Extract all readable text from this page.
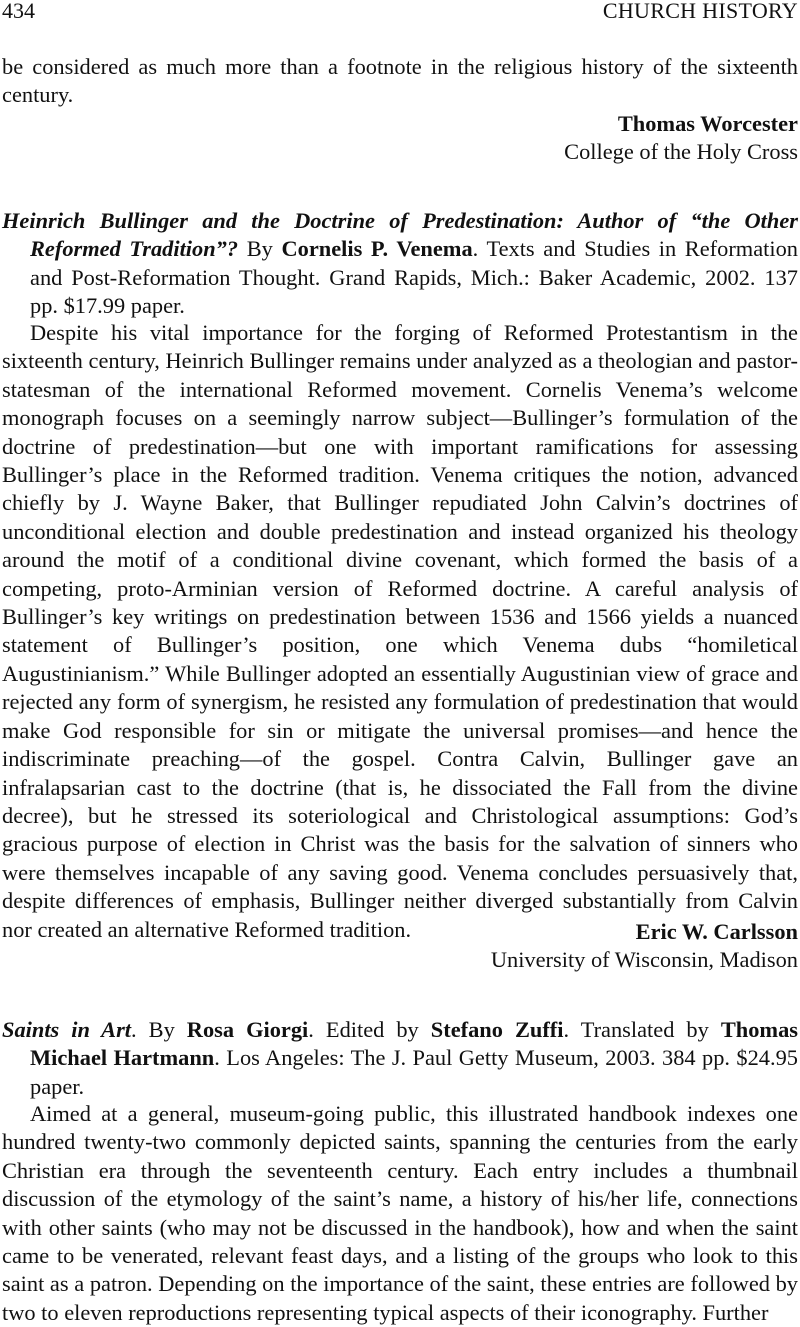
434	CHURCH HISTORY

be considered as much more than a footnote in the religious history of the sixteenth century.

Thomas Worcester
College of the Holy Cross
Heinrich Bullinger and the Doctrine of Predestination: Author of “the Other Reformed Tradition”? By Cornelis P. Venema. Texts and Studies in Reformation and Post-Reformation Thought. Grand Rapids, Mich.: Baker Academic, 2002. 137 pp. $17.99 paper.

Despite his vital importance for the forging of Reformed Protestantism in the sixteenth century, Heinrich Bullinger remains under analyzed as a theologian and pastor-statesman of the international Reformed movement. Cornelis Venema’s welcome monograph focuses on a seemingly narrow subject—Bullinger’s formulation of the doctrine of predestination—but one with important ramifications for assessing Bullinger’s place in the Reformed tradition. Venema critiques the notion, advanced chiefly by J. Wayne Baker, that Bullinger repudiated John Calvin’s doctrines of unconditional election and double predestination and instead organized his theology around the motif of a conditional divine covenant, which formed the basis of a competing, proto-Arminian version of Reformed doctrine. A careful analysis of Bullinger’s key writings on predestination between 1536 and 1566 yields a nuanced statement of Bullinger’s position, one which Venema dubs “homiletical Augustinianism.” While Bullinger adopted an essentially Augustinian view of grace and rejected any form of synergism, he resisted any formulation of predestination that would make God responsible for sin or mitigate the universal promises—and hence the indiscriminate preaching—of the gospel. Contra Calvin, Bullinger gave an infralapsarian cast to the doctrine (that is, he dissociated the Fall from the divine decree), but he stressed its soteriological and Christological assumptions: God’s gracious purpose of election in Christ was the basis for the salvation of sinners who were themselves incapable of any saving good. Venema concludes persuasively that, despite differences of emphasis, Bullinger neither diverged substantially from Calvin nor created an alternative Reformed tradition.	Eric W. Carlsson
University of Wisconsin, Madison
Saints in Art. By Rosa Giorgi. Edited by Stefano Zuffi. Translated by Thomas Michael Hartmann. Los Angeles: The J. Paul Getty Museum, 2003. 384 pp. $24.95 paper.

Aimed at a general, museum-going public, this illustrated handbook indexes one hundred twenty-two commonly depicted saints, spanning the centuries from the early Christian era through the seventeenth century. Each entry includes a thumbnail discussion of the etymology of the saint’s name, a history of his/her life, connections with other saints (who may not be discussed in the handbook), how and when the saint came to be venerated, relevant feast days, and a listing of the groups who look to this saint as a patron. Depending on the importance of the saint, these entries are followed by two to eleven reproductions representing typical aspects of their iconography. Further
